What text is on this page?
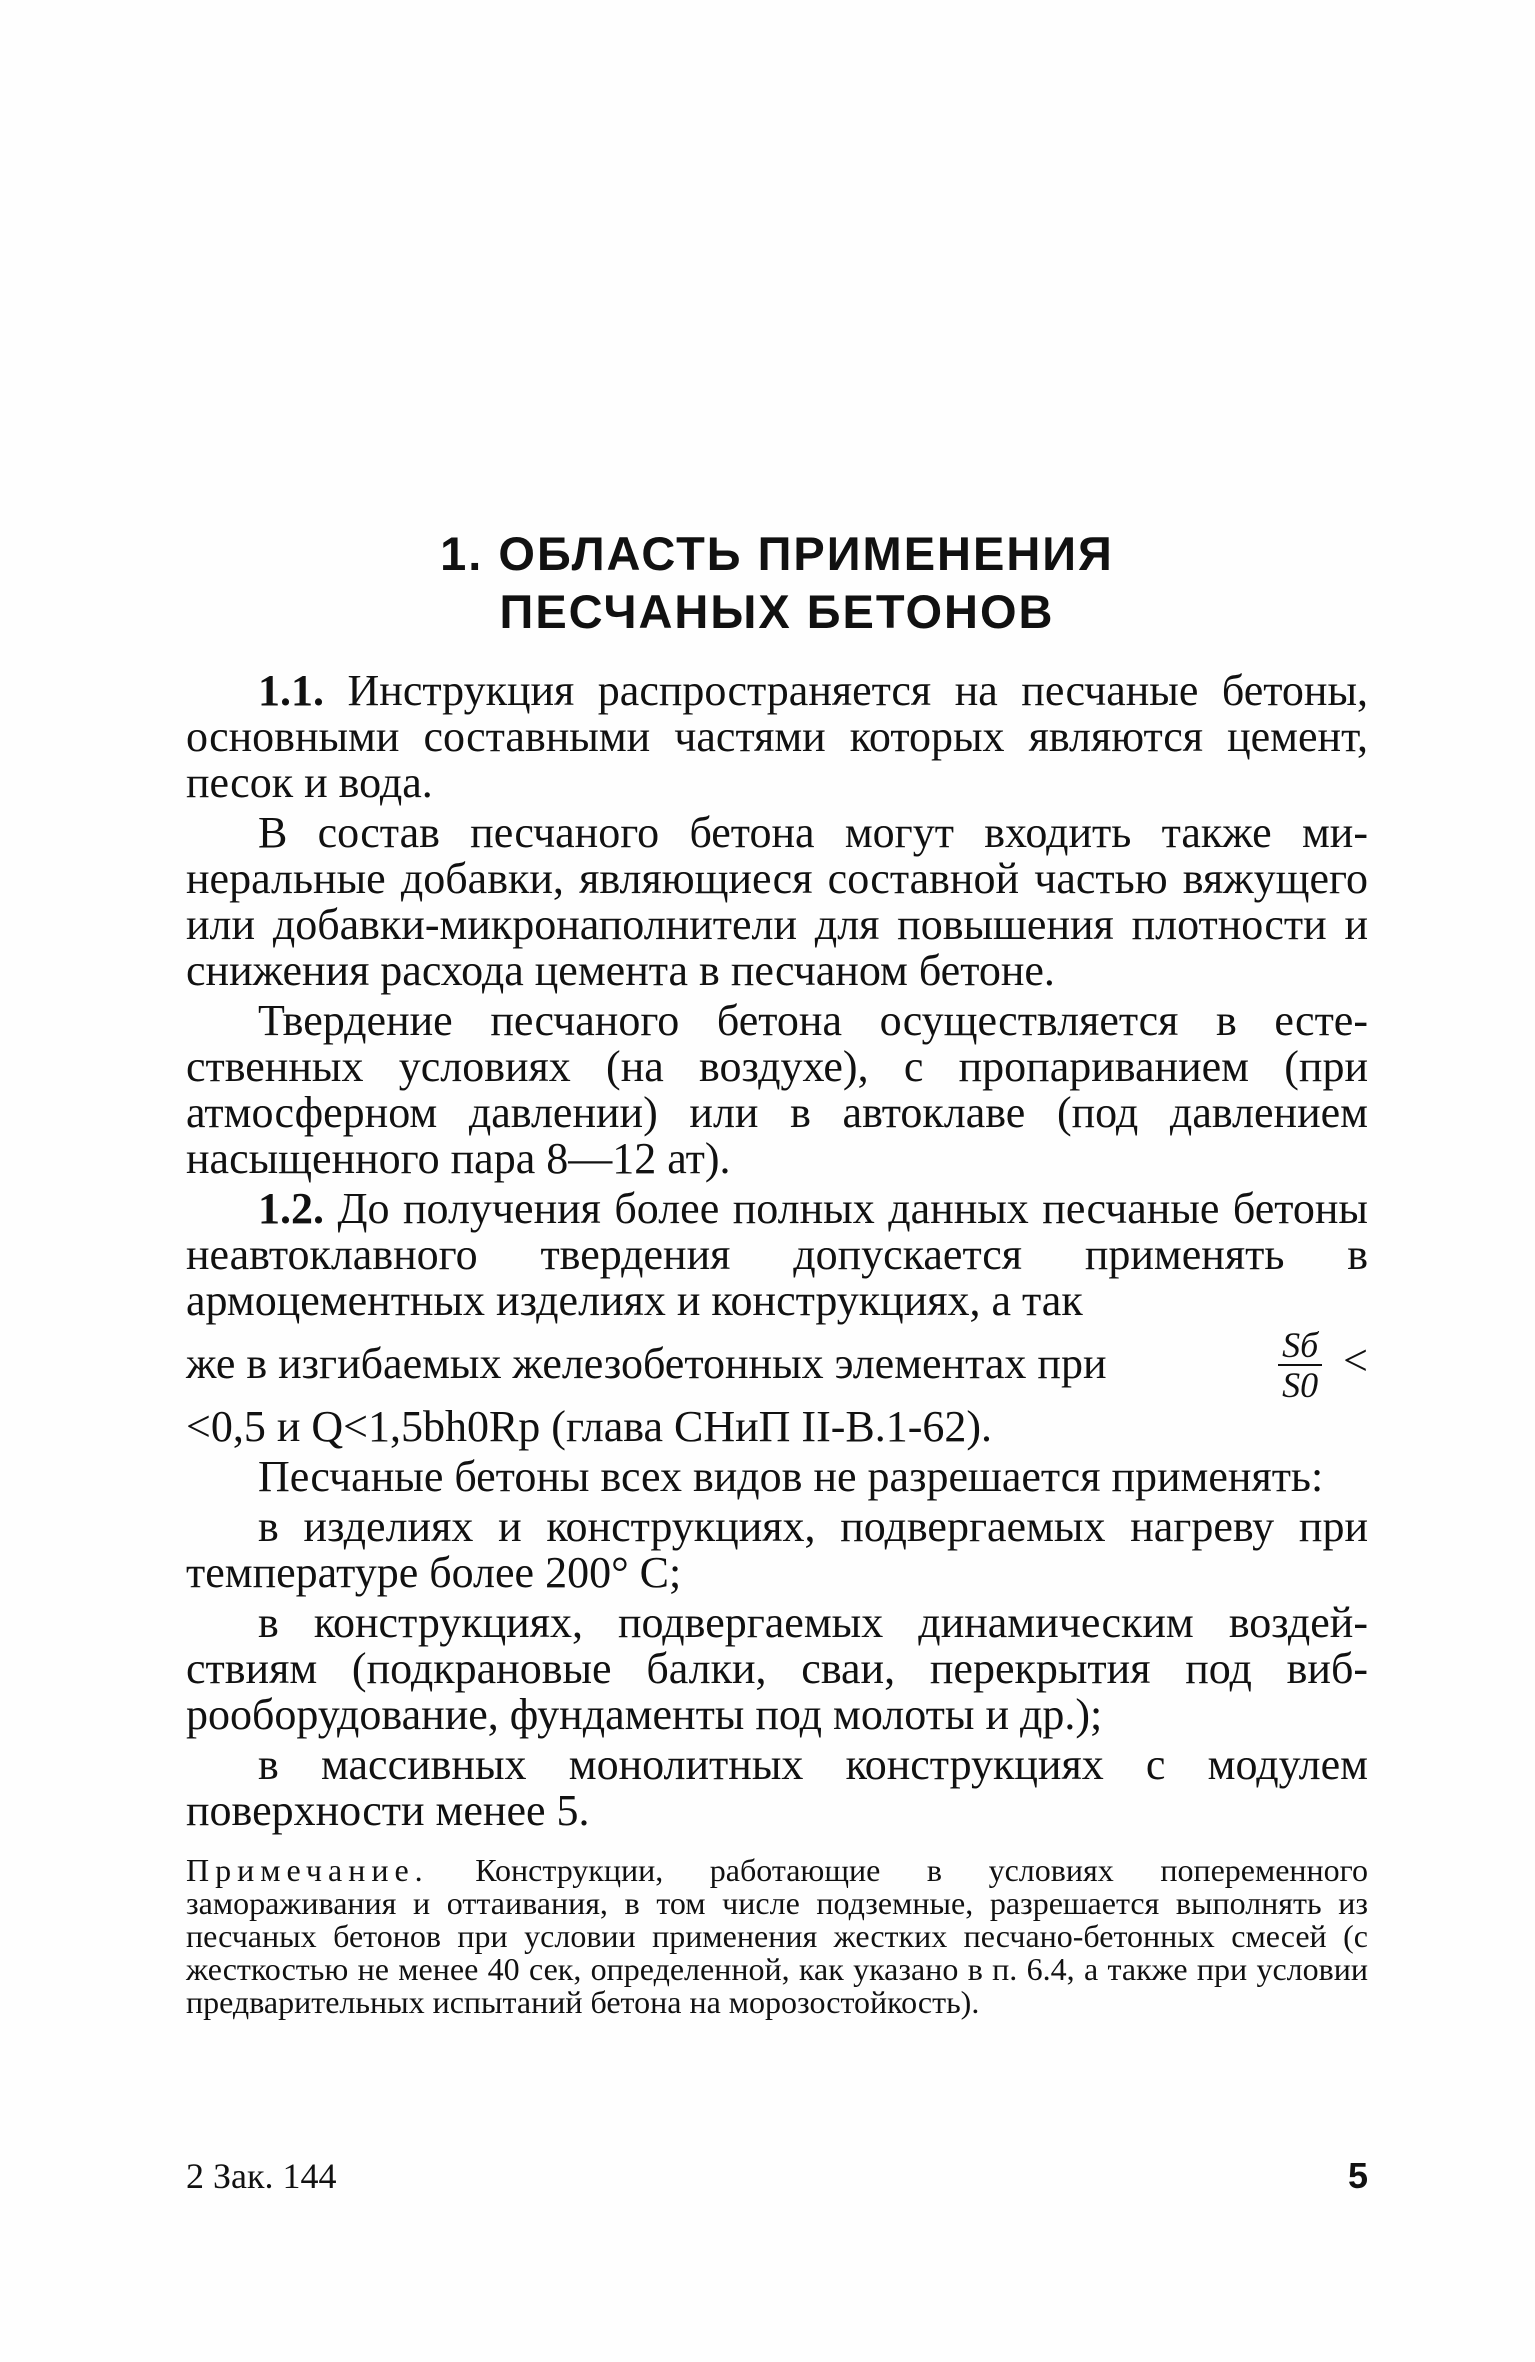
1. ОБЛАСТЬ ПРИМЕНЕНИЯ
ПЕСЧАНЫХ БЕТОНОВ

1.1. Инструкция распространяется на песчаные бетоны, основными составными частями которых являются цемент, песок и вода.

В состав песчаного бетона могут входить также минеральные добавки, являющиеся составной частью вяжущего или добавки-микронаполнители для повышения плотности и снижения расхода цемента в песчаном бетоне.

Твердение песчаного бетона осуществляется в естественных условиях (на воздухе), с пропариванием (при атмосферном давлении) или в автоклаве (под давлением насыщенного пара 8—12 ат).

1.2. До получения более полных данных песчаные бетоны неавтоклавного твердения допускается применять в армоцементных изделиях и конструкциях, а так

же в изгибаемых железобетонных элементах при	$\frac{Sб}{S0}$ <

<0,5 и Q<1,5bh0Rp (глава СНиП II-В.1-62).

Песчаные бетоны всех видов не разрешается применять:

в изделиях и конструкциях, подвергаемых нагреву при температуре более 200° С;

в конструкциях, подвергаемых динамическим воздействиям (подкрановые балки, сваи, перекрытия под виброоборудование, фундаменты под молоты и др.);

в массивных монолитных конструкциях с модулем поверхности менее 5.

Примечание. Конструкции, работающие в условиях попеременного замораживания и оттаивания, в том числе подземные, разрешается выполнять из песчаных бетонов при условии применения жестких песчано-бетонных смесей (с жесткостью не менее 40 сек, определенной, как указано в п. 6.4, а также при условии предварительных испытаний бетона на морозостойкость).

2 Зак. 144	5
